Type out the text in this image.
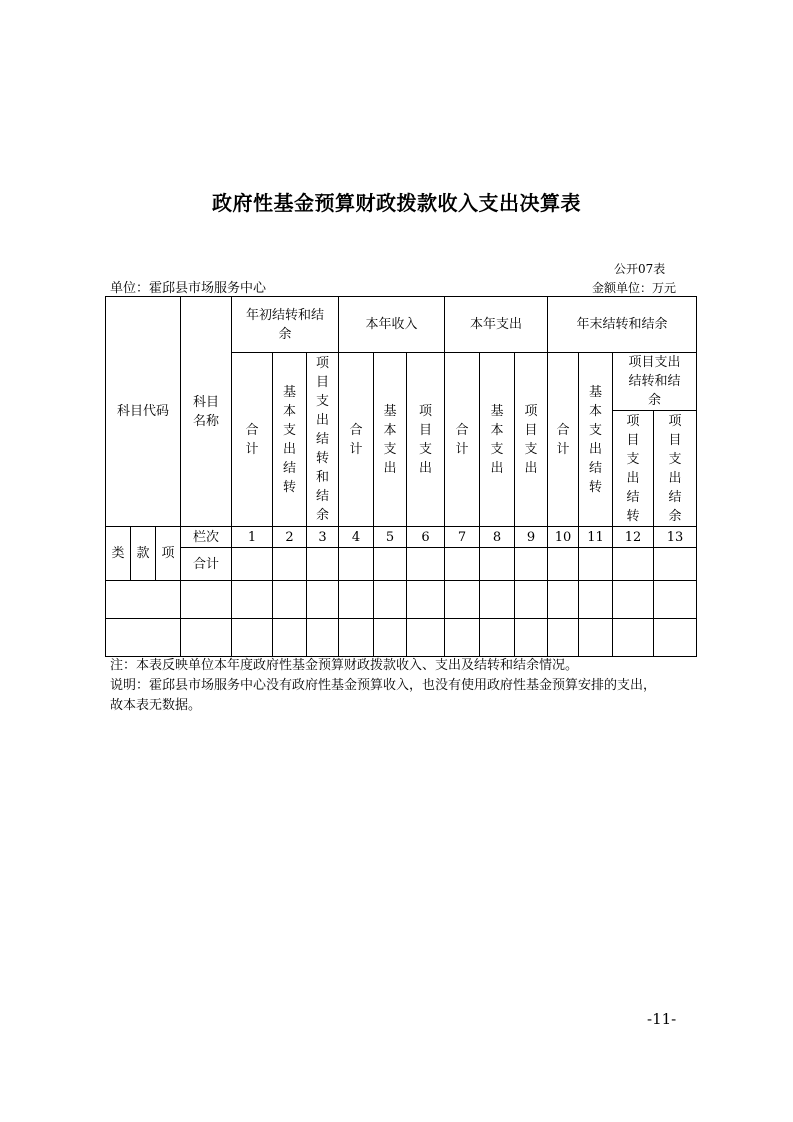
政府性基金预算财政拨款收入支出决算表
公开07表
单位：霍邱县市场服务中心	金额单位：万元
科目代码			科目名称	年初结转和结余			本年收入			本年支出			年末结转和结余			
				合计	基本支出结转	项目支出结转和结余	合计	基本支出	项目支出	合计	基本支出	项目支出	合计	基本支出结转	项目支出结转和结余	
															项目支出结转	项目支出结余
类	款	项	栏次	1	2	3	4	5	6	7	8	9	10	11	12	13
			合计													

注：本表反映单位本年度政府性基金预算财政拨款收入、支出及结转和结余情况。
说明：霍邱县市场服务中心没有政府性基金预算收入，也没有使用政府性基金预算安排的支出，
故本表无数据。
-11-
